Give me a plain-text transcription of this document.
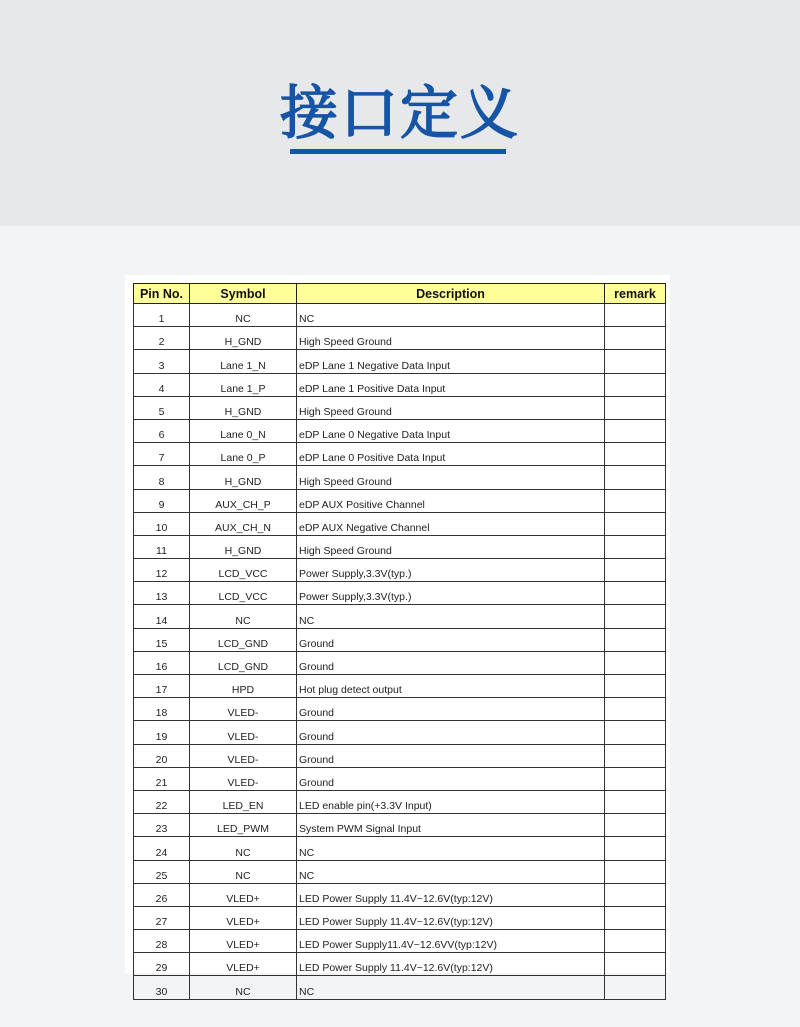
接口定义
Pin No.	Symbol	Description	remark
1	NC	NC	
2	H_GND	High Speed Ground	
3	Lane 1_N	eDP Lane 1 Negative Data Input	
4	Lane 1_P	eDP Lane 1 Positive Data Input	
5	H_GND	High Speed Ground	
6	Lane 0_N	eDP Lane 0 Negative Data Input	
7	Lane 0_P	eDP Lane 0 Positive Data Input	
8	H_GND	High Speed Ground	
9	AUX_CH_P	eDP AUX Positive Channel	
10	AUX_CH_N	eDP AUX Negative Channel	
11	H_GND	High Speed Ground	
12	LCD_VCC	Power Supply,3.3V(typ.)	
13	LCD_VCC	Power Supply,3.3V(typ.)	
14	NC	NC	
15	LCD_GND	Ground	
16	LCD_GND	Ground	
17	HPD	Hot plug detect output	
18	VLED-	Ground	
19	VLED-	Ground	
20	VLED-	Ground	
21	VLED-	Ground	
22	LED_EN	LED enable pin(+3.3V Input)	
23	LED_PWM	System PWM Signal Input	
24	NC	NC	
25	NC	NC	
26	VLED+	LED Power Supply 11.4V~12.6V(typ:12V)	
27	VLED+	LED Power Supply 11.4V~12.6V(typ:12V)	
28	VLED+	LED Power Supply11.4V~12.6VV(typ:12V)	
29	VLED+	LED Power Supply 11.4V~12.6V(typ:12V)	
30	NC	NC	
